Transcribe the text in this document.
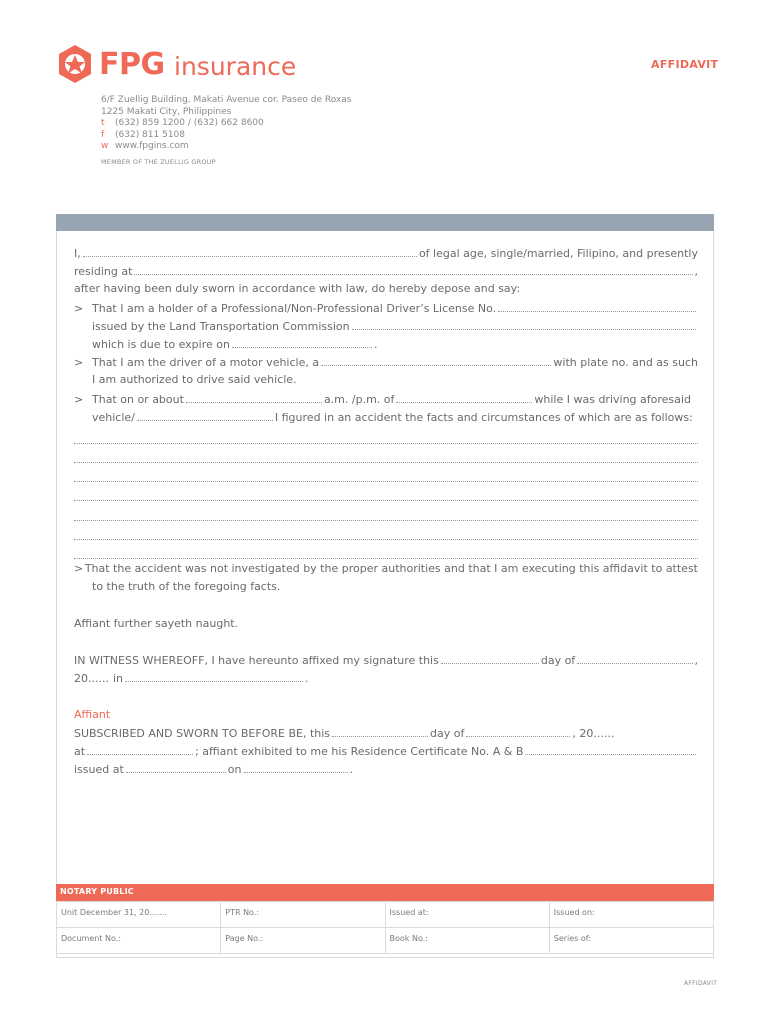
FPG insurance	AFFIDAVIT
6/F Zuellig Building, Makati Avenue cor. Paseo de Roxas
1225 Makati City, Philippines
t (632) 859 1200 / (632) 662 8600
f (632) 811 5108
w www.fpgins.com
MEMBER OF THE ZUELLIG GROUP
I,	of legal age, single/married, Filipino, and presently
residing at	,
after having been duly sworn in accordance with law, do hereby depose and say:
> That I am a holder of a Professional/Non-Professional Driver’s License No.
issued by the Land Transportation Commission
which is due to expire on	.
> That I am the driver of a motor vehicle, a	with plate no. and as such
I am authorized to drive said vehicle.
> That on or about	a.m. /p.m. of	while I was driving aforesaid
vehicle/	I figured in an accident the facts and circumstances of which are as follows:
> That the accident was not investigated by the proper authorities and that I am executing this affidavit to attest
to the truth of the foregoing facts.
Affiant further sayeth naught.
IN WITNESS WHEREOFF, I have hereunto affixed my signature this	day of	,
20...... in	.
Affiant
SUBSCRIBED AND SWORN TO BEFORE BE, this	day of	, 20......
at	; affiant exhibited to me his Residence Certificate No. A & B
issued at	on	.
NOTARY PUBLIC
Unit December 31, 20.......	PTR No.:	Issued at:	Issued on:
Document No.:	Page No.:	Book No.:	Series of:
AFFIDAVIT
